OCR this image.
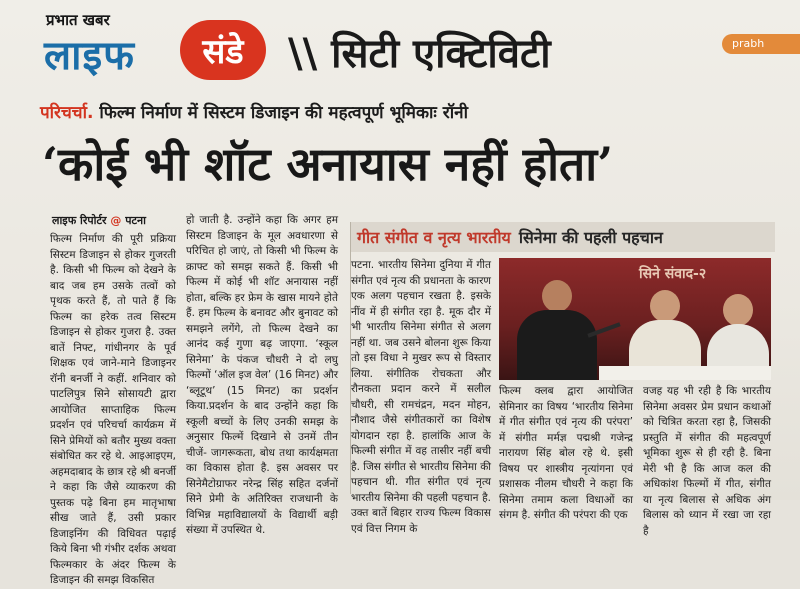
प्रभात खबर
लाइफ	संडे	\\ सिटी एक्टिविटी	prabh
परिचर्चा. फिल्म निर्माण में सिस्टम डिजाइन की महत्वपूर्ण भूमिकाः रॉनी
‘कोई भी शॉट अनायास नहीं होता’
लाइफ रिपोर्टर @ पटना
फिल्म निर्माण की पूरी प्रक्रिया सिस्टम डिजाइन से होकर गुजरती है. किसी भी फिल्म को देखने के बाद जब हम उसके तत्वों को पृथक करते हैं, तो पाते हैं कि फिल्म का हरेक तत्व सिस्टम डिजाइन से होकर गुजरा है. उक्त बातें निफ्ट, गांधीनगर के पूर्व शिक्षक एवं जाने-माने डिजाइनर रॉनी बनर्जी ने कहीं. शनिवार को पाटलिपुत्र सिने सोसायटी द्वारा आयोजित साप्ताहिक फिल्म प्रदर्शन एवं परिचर्चा कार्यक्रम में सिने प्रेमियों को बतौर मुख्य वक्ता संबोधित कर रहे थे. आइआइएम, अहमदाबाद के छात्र रहे श्री बनर्जी ने कहा कि जैसे व्याकरण की पुस्तक पढ़े बिना हम मातृभाषा सीख जाते हैं, उसी प्रकार डिजाइनिंग की विधिवत पढ़ाई किये बिना भी गंभीर दर्शक अथवा फिल्मकार के अंदर फिल्म के डिजाइन की समझ विकसित
हो जाती है. उन्होंने कहा कि अगर हम सिस्टम डिजाइन के मूल अवधारणा से परिचित हो जाएं, तो किसी भी फिल्म के क्राफ्ट को समझ सकते हैं. किसी भी फिल्म में कोई भी शॉट अनायास नहीं होता, बल्कि हर फ्रेम के खास मायने होते हैं. हम फिल्म के बनावट और बुनावट को समझने लगेंगे, तो फिल्म देखने का आनंद कई गुणा बढ़ जाएगा. ‘स्कूल सिनेमा’ के पंकज चौधरी ने दो लघु फिल्मों ‘ऑल इज वेल’ (16 मिनट) और ‘ब्लूटूथ’ (15 मिनट) का प्रदर्शन किया.प्रदर्शन के बाद उन्होंने कहा कि स्कूली बच्चों के लिए उनकी समझ के अनुसार फिल्में दिखाने से उनमें तीन चीजें- जागरूकता, बोध तथा कार्यक्षमता का विकास होता है. इस अवसर पर सिनेमैटोग्राफर नरेन्द्र सिंह सहित दर्जनों सिने प्रेमी के अतिरिक्त राजधानी के विभिन्न महाविद्यालयों के विद्यार्थी बड़ी संख्या में उपस्थित थे.
गीत संगीत व नृत्य भारतीय सिनेमा की पहली पहचान
पटना. भारतीय सिनेमा दुनिया में गीत संगीत एवं नृत्य की प्रधानता के कारण एक अलग पहचान रखता है. इसके नींव में ही संगीत रहा है. मूक दौर में भी भारतीय सिनेमा संगीत से अलग नहीं था. जब उसने बोलना शुरू किया तो इस विधा ने मुखर रूप से विस्तार लिया. संगीतिक रोचकता और रौनकता प्रदान करने में सलील चौधरी, सी रामचंद्रन, मदन मोहन, नौशाद जैसे संगीतकारों का विशेष योगदान रहा है. हालांकि आज के फिल्मी संगीत में वह तासीर नहीं बची है. जिस संगीत से भारतीय सिनेमा की पहचान थी. गीत संगीत एवं नृत्य भारतीय सिनेमा की पहली पहचान है. उक्त बातें बिहार राज्य फिल्म विकास एवं वित्त निगम के
सिने संवाद-२
फिल्म क्लब द्वारा आयोजित सेमिनार का विषय ‘भारतीय सिनेमा में गीत संगीत एवं नृत्य की परंपरा’ में संगीत मर्मज्ञ पद्मश्री गजेन्द्र नारायण सिंह बोल रहे थे. इसी विषय पर शास्त्रीय नृत्यांगना एवं प्रशासक नीलम चौधरी ने कहा कि सिनेमा तमाम कला विधाओं का संगम है. संगीत की परंपरा की एक
वजह यह भी रही है कि भारतीय सिनेमा अवसर प्रेम प्रधान कथाओं को चित्रित करता रहा है, जिसकी प्रस्तुति में संगीत की महत्वपूर्ण भूमिका शुरू से ही रही है. बिना मेरी भी है कि आज कल की अधिकांश फिल्मों में गीत, संगीत या नृत्य बिलास से अधिक अंग बिलास को ध्यान में रखा जा रहा है
